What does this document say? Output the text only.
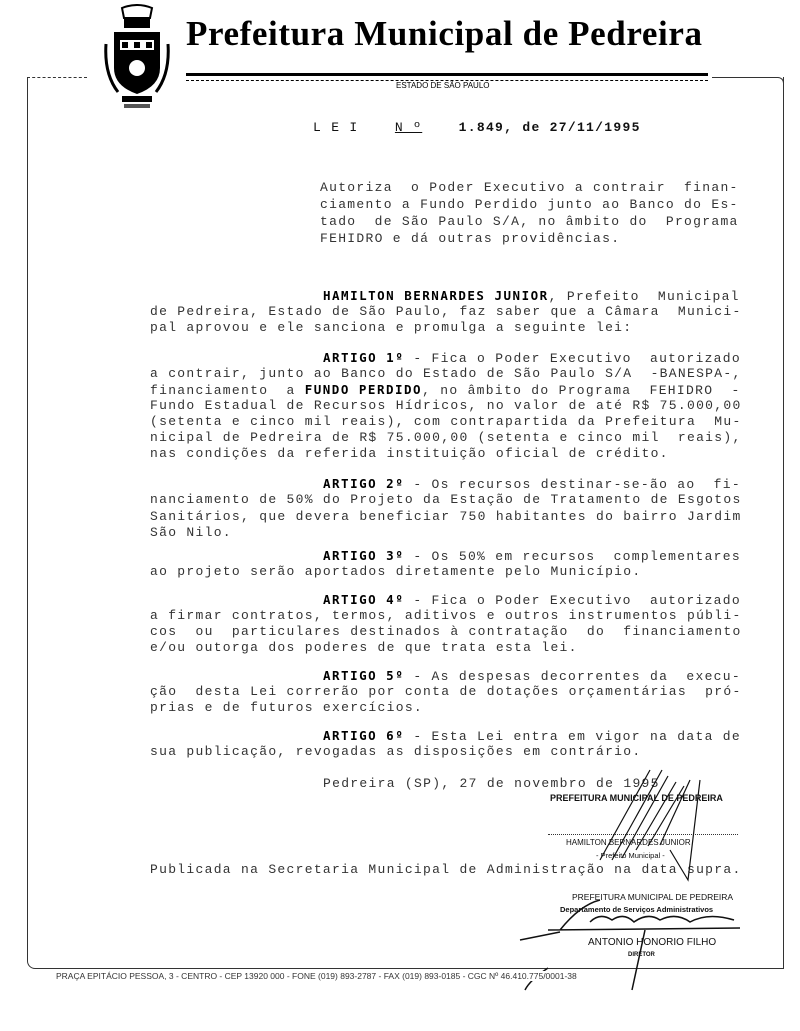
Prefeitura Municipal de Pedreira
ESTADO DE SÃO PAULO
L E I	N º	1.849, de 27/11/1995
Autoriza  o Poder Executivo a contrair  finan-
ciamento a Fundo Perdido junto ao Banco do Es-
tado  de São Paulo S/A, no âmbito do  Programa
FEHIDRO e dá outras providências.
HAMILTON BERNARDES JUNIOR, Prefeito  Municipal
de Pedreira, Estado de São Paulo, faz saber que a Câmara  Munici-
pal aprovou e ele sanciona e promulga a seguinte lei:
ARTIGO 1º - Fica o Poder Executivo  autorizado
a contrair, junto ao Banco do Estado de São Paulo S/A  -BANESPA-,
financiamento  a FUNDO PERDIDO, no âmbito do Programa  FEHIDRO  -
Fundo Estadual de Recursos Hídricos, no valor de até R$ 75.000,00
(setenta e cinco mil reais), com contrapartida da Prefeitura  Mu-
nicipal de Pedreira de R$ 75.000,00 (setenta e cinco mil  reais),
nas condições da referida instituição oficial de crédito.
ARTIGO 2º - Os recursos destinar-se-ão ao  fi-
nanciamento de 50% do Projeto da Estação de Tratamento de Esgotos
Sanitários, que devera beneficiar 750 habitantes do bairro Jardim
São Nilo.
ARTIGO 3º - Os 50% em recursos  complementares
ao projeto serão aportados diretamente pelo Município.
ARTIGO 4º - Fica o Poder Executivo  autorizado
a firmar contratos, termos, aditivos e outros instrumentos públi-
cos  ou  particulares destinados à contratação  do  financiamento
e/ou outorga dos poderes de que trata esta lei.
ARTIGO 5º - As despesas decorrentes da  execu-
ção  desta Lei correrão por conta de dotações orçamentárias  pró-
prias e de futuros exercícios.
ARTIGO 6º - Esta Lei entra em vigor na data de
sua publicação, revogadas as disposições em contrário.
Pedreira (SP), 27 de novembro de 1995
Publicada na Secretaria Municipal de Administração na data supra.
PREFEITURA MUNICIPAL DE PEDREIRA
HAMILTON BERNARDES JUNIOR
- Prefeito Municipal -
PREFEITURA MUNICIPAL DE PEDREIRA
Departamento de Serviços Administrativos
ANTONIO HONORIO FILHO
DIRETOR
PRAÇA EPITÁCIO PESSOA, 3 - CENTRO - CEP 13920 000 - FONE (019) 893-2787 - FAX (019) 893-0185 - CGC Nº 46.410.775/0001-38
